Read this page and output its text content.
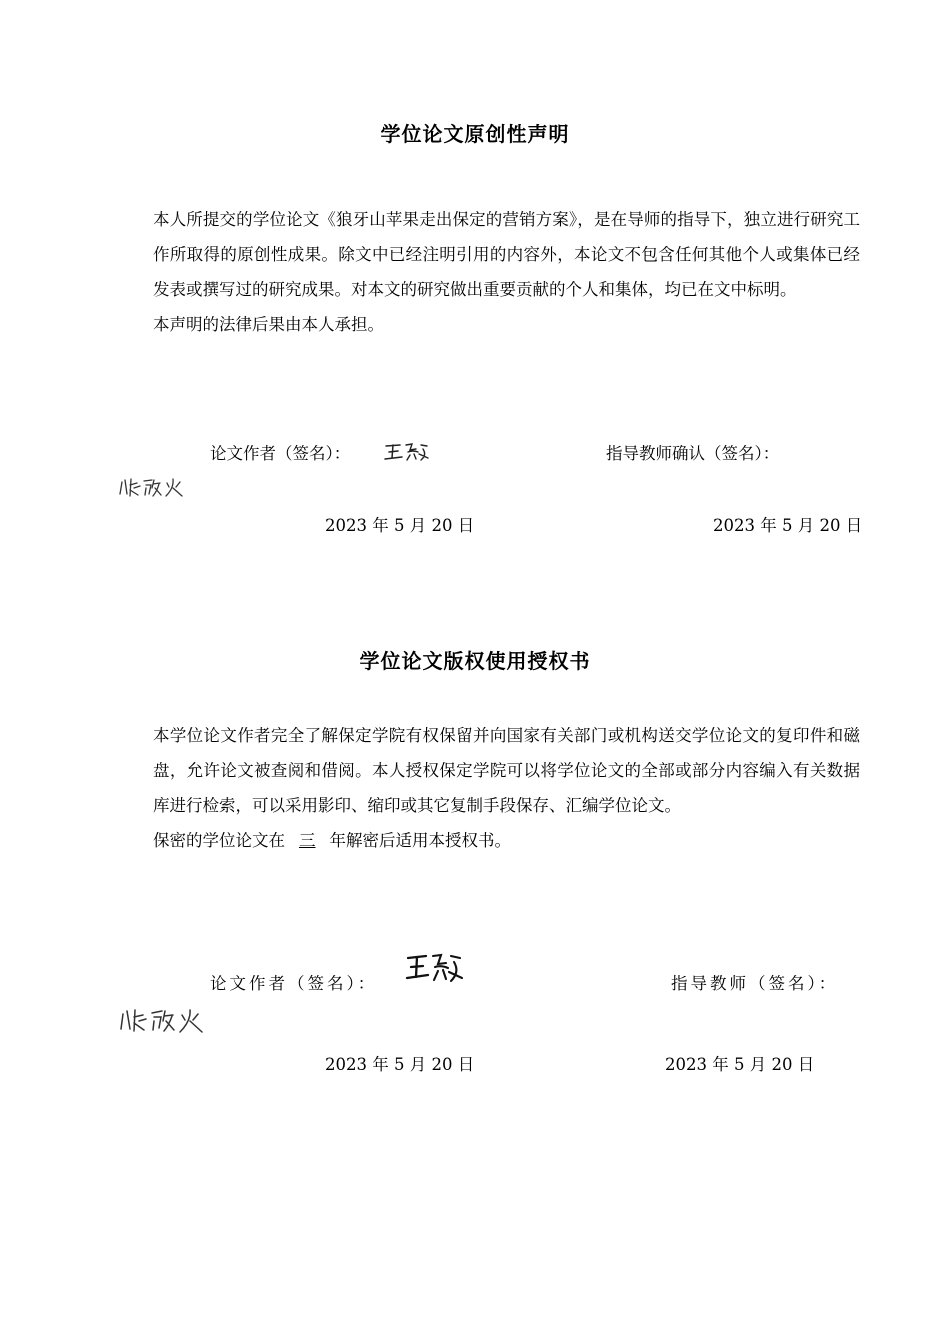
学位论文原创性声明
本人所提交的学位论文《狼牙山苹果走出保定的营销方案》，是在导师的指导下，独立进行研究工作所取得的原创性成果。除文中已经注明引用的内容外，本论文不包含任何其他个人或集体已经发表或撰写过的研究成果。对本文的研究做出重要贡献的个人和集体，均已在文中标明。
本声明的法律后果由本人承担。
论文作者（签名）：	指导教师确认（签名）：
2023 年 5 月 20 日	2023 年 5 月 20 日
学位论文版权使用授权书
本学位论文作者完全了解保定学院有权保留并向国家有关部门或机构送交学位论文的复印件和磁盘，允许论文被查阅和借阅。本人授权保定学院可以将学位论文的全部或部分内容编入有关数据库进行检索，可以采用影印、缩印或其它复制手段保存、汇编学位论文。
保密的学位论文在 三 年解密后适用本授权书。
论文作者（签名）：	指导教师（签名）：
2023 年 5 月 20 日	2023 年 5 月 20 日
